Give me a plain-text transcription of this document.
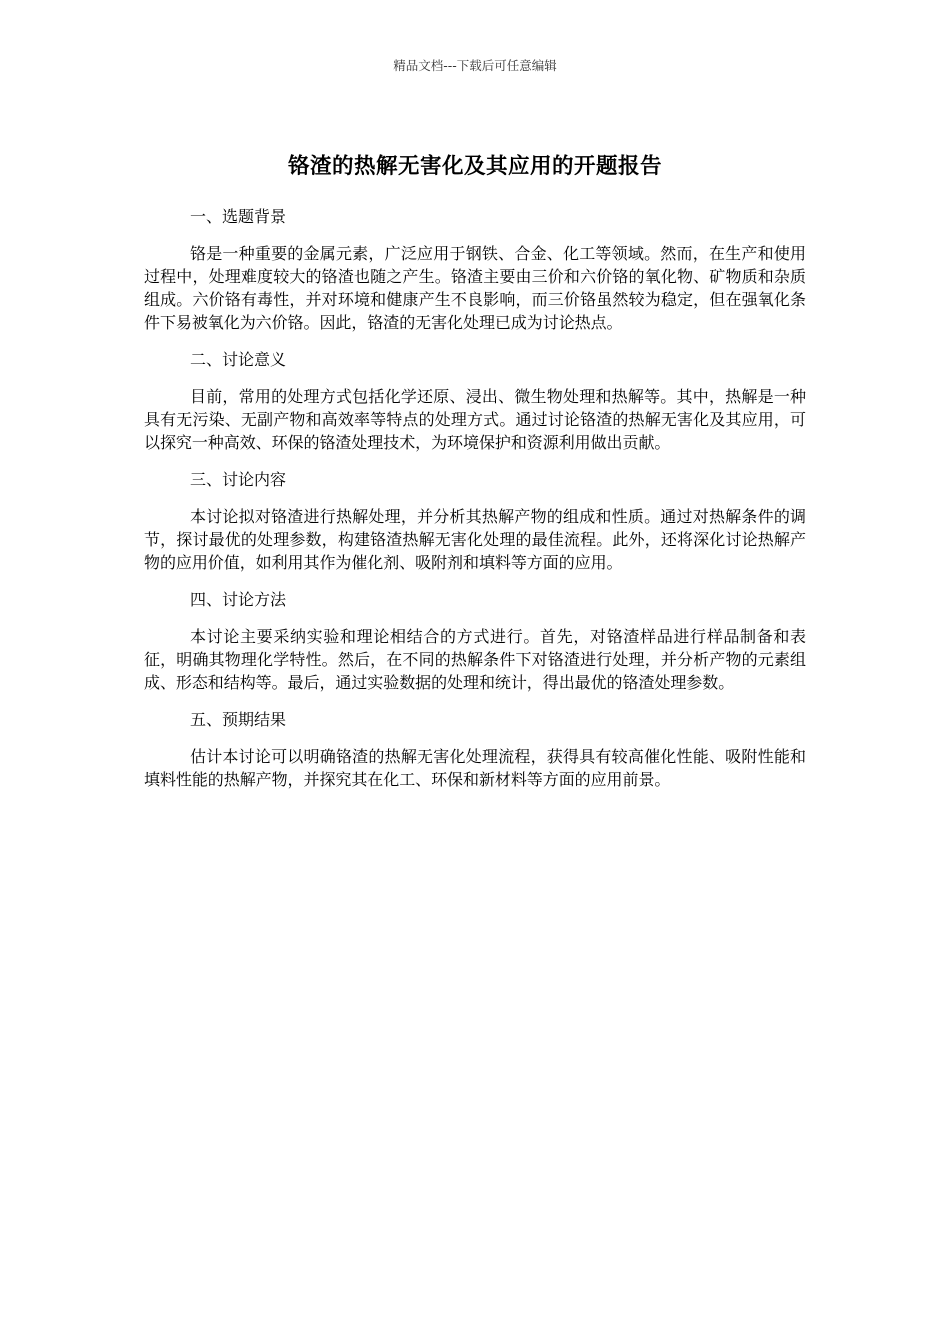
精品文档---下载后可任意编辑
铬渣的热解无害化及其应用的开题报告

一、选题背景

铬是一种重要的金属元素，广泛应用于钢铁、合金、化工等领域。然而，在生产和使用过程中，处理难度较大的铬渣也随之产生。铬渣主要由三价和六价铬的氧化物、矿物质和杂质组成。六价铬有毒性，并对环境和健康产生不良影响，而三价铬虽然较为稳定，但在强氧化条件下易被氧化为六价铬。因此，铬渣的无害化处理已成为讨论热点。

二、讨论意义

目前，常用的处理方式包括化学还原、浸出、微生物处理和热解等。其中，热解是一种具有无污染、无副产物和高效率等特点的处理方式。通过讨论铬渣的热解无害化及其应用，可以探究一种高效、环保的铬渣处理技术，为环境保护和资源利用做出贡献。

三、讨论内容

本讨论拟对铬渣进行热解处理，并分析其热解产物的组成和性质。通过对热解条件的调节，探讨最优的处理参数，构建铬渣热解无害化处理的最佳流程。此外，还将深化讨论热解产物的应用价值，如利用其作为催化剂、吸附剂和填料等方面的应用。

四、讨论方法

本讨论主要采纳实验和理论相结合的方式进行。首先，对铬渣样品进行样品制备和表征，明确其物理化学特性。然后，在不同的热解条件下对铬渣进行处理，并分析产物的元素组成、形态和结构等。最后，通过实验数据的处理和统计，得出最优的铬渣处理参数。

五、预期结果

估计本讨论可以明确铬渣的热解无害化处理流程，获得具有较高催化性能、吸附性能和填料性能的热解产物，并探究其在化工、环保和新材料等方面的应用前景。
